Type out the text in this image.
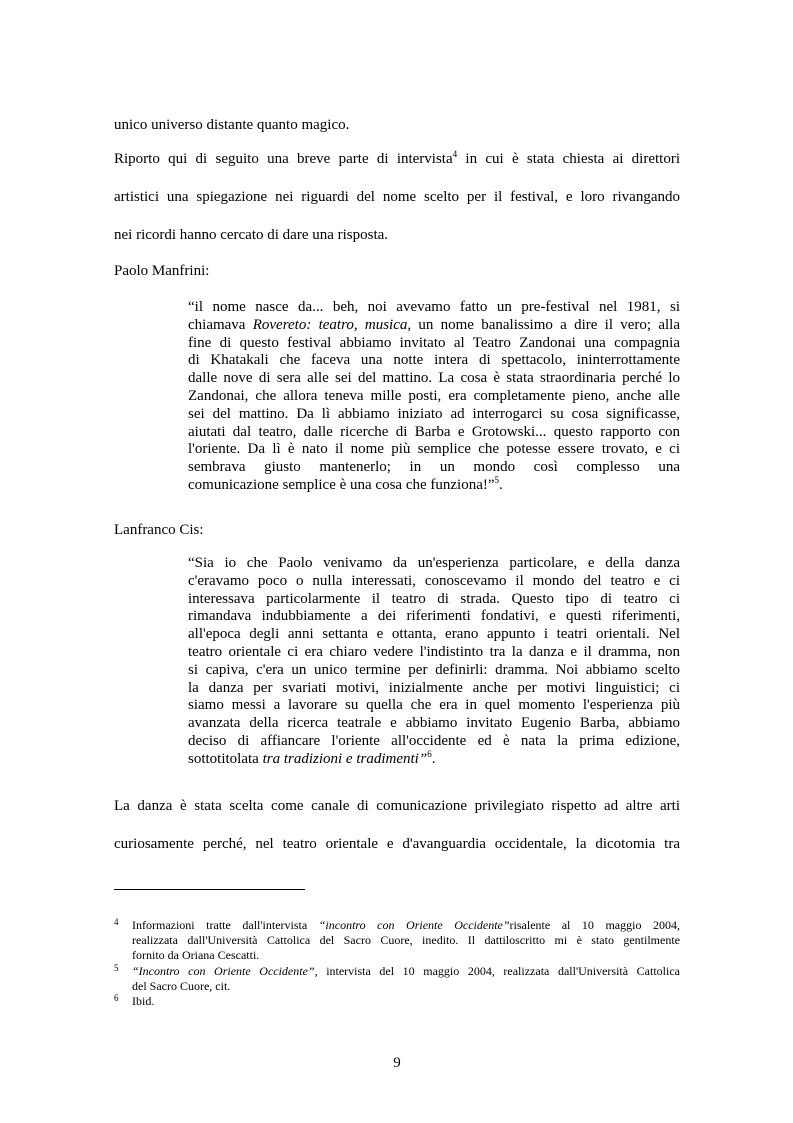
unico universo distante quanto magico.

Riporto qui di seguito una breve parte di intervista$^4$ in cui è stata chiesta ai direttori
artistici una spiegazione nei riguardi del nome scelto per il festival, e loro rivangando
nei ricordi hanno cercato di dare una risposta.

Paolo Manfrini:

“il nome nasce da... beh, noi avevamo fatto un pre-festival nel 1981, si
chiamava Rovereto: teatro, musica, un nome banalissimo a dire il vero; alla
fine di questo festival abbiamo invitato al Teatro Zandonai una compagnia
di Khatakali che faceva una notte intera di spettacolo, ininterrottamente
dalle nove di sera alle sei del mattino. La cosa è stata straordinaria perché lo
Zandonai, che allora teneva mille posti, era completamente pieno, anche alle
sei del mattino. Da lì abbiamo iniziato ad interrogarci su cosa significasse,
aiutati dal teatro, dalle ricerche di Barba e Grotowski... questo rapporto con
l'oriente. Da lì è nato il nome più semplice che potesse essere trovato, e ci
sembrava giusto mantenerlo; in un mondo così complesso una
comunicazione semplice è una cosa che funziona!”$^5$.

Lanfranco Cis:

“Sia io che Paolo venivamo da un'esperienza particolare, e della danza
c'eravamo poco o nulla interessati, conoscevamo il mondo del teatro e ci
interessava particolarmente il teatro di strada. Questo tipo di teatro ci
rimandava indubbiamente a dei riferimenti fondativi, e questi riferimenti,
all'epoca degli anni settanta e ottanta, erano appunto i teatri orientali. Nel
teatro orientale ci era chiaro vedere l'indistinto tra la danza e il dramma, non
si capiva, c'era un unico termine per definirli: dramma. Noi abbiamo scelto
la danza per svariati motivi, inizialmente anche per motivi linguistici; ci
siamo messi a lavorare su quella che era in quel momento l'esperienza più
avanzata della ricerca teatrale e abbiamo invitato Eugenio Barba, abbiamo
deciso di affiancare l'oriente all'occidente ed è nata la prima edizione,
sottotitolata tra tradizioni e tradimenti”$^6$.

La danza è stata scelta come canale di comunicazione privilegiato rispetto ad altre arti
curiosamente perché, nel teatro orientale e d'avanguardia occidentale, la dicotomia tra

4 Informazioni tratte dall'intervista “incontro con Oriente Occidente”risalente al 10 maggio 2004,
realizzata dall'Università Cattolica del Sacro Cuore, inedito. Il dattiloscritto mi è stato gentilmente
fornito da Oriana Cescatti.
5 “Incontro con Oriente Occidente”, intervista del 10 maggio 2004, realizzata dall'Università Cattolica
del Sacro Cuore, cit.
6 Ibid.
9
